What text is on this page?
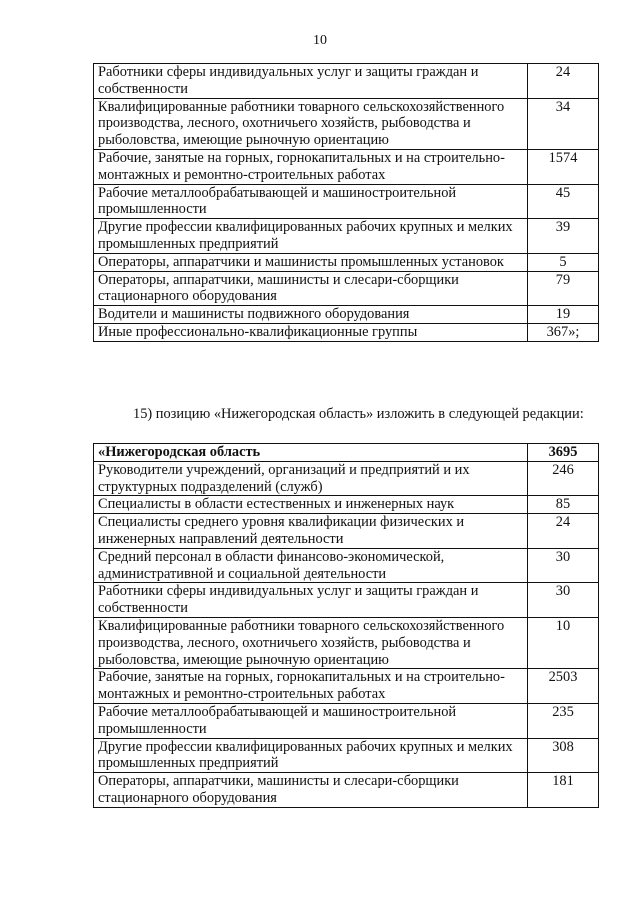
10
Работники сферы индивидуальных услуг и защиты граждан и собственности	24
Квалифицированные работники товарного сельскохозяйственного производства, лесного, охотничьего хозяйств, рыбоводства и рыболовства, имеющие рыночную ориентацию	34
Рабочие, занятые на горных, горнокапитальных и на строительно-монтажных и ремонтно-строительных работах	1574
Рабочие металлообрабатывающей и машиностроительной промышленности	45
Другие профессии квалифицированных рабочих крупных и мелких промышленных предприятий	39
Операторы, аппаратчики и машинисты промышленных установок	5
Операторы, аппаратчики, машинисты и слесари-сборщики стационарного оборудования	79
Водители и машинисты подвижного оборудования	19
Иные профессионально-квалификационные группы	367»;
15) позицию «Нижегородская область» изложить в следующей редакции:
«Нижегородская область	3695
Руководители учреждений, организаций и предприятий и их структурных подразделений (служб)	246
Специалисты в области естественных и инженерных наук	85
Специалисты среднего уровня квалификации физических и инженерных направлений деятельности	24
Средний персонал в области финансово-экономической, административной и социальной деятельности	30
Работники сферы индивидуальных услуг и защиты граждан и собственности	30
Квалифицированные работники товарного сельскохозяйственного производства, лесного, охотничьего хозяйств, рыбоводства и рыболовства, имеющие рыночную ориентацию	10
Рабочие, занятые на горных, горнокапитальных и на строительно-монтажных и ремонтно-строительных работах	2503
Рабочие металлообрабатывающей и машиностроительной промышленности	235
Другие профессии квалифицированных рабочих крупных и мелких промышленных предприятий	308
Операторы, аппаратчики, машинисты и слесари-сборщики стационарного оборудования	181
